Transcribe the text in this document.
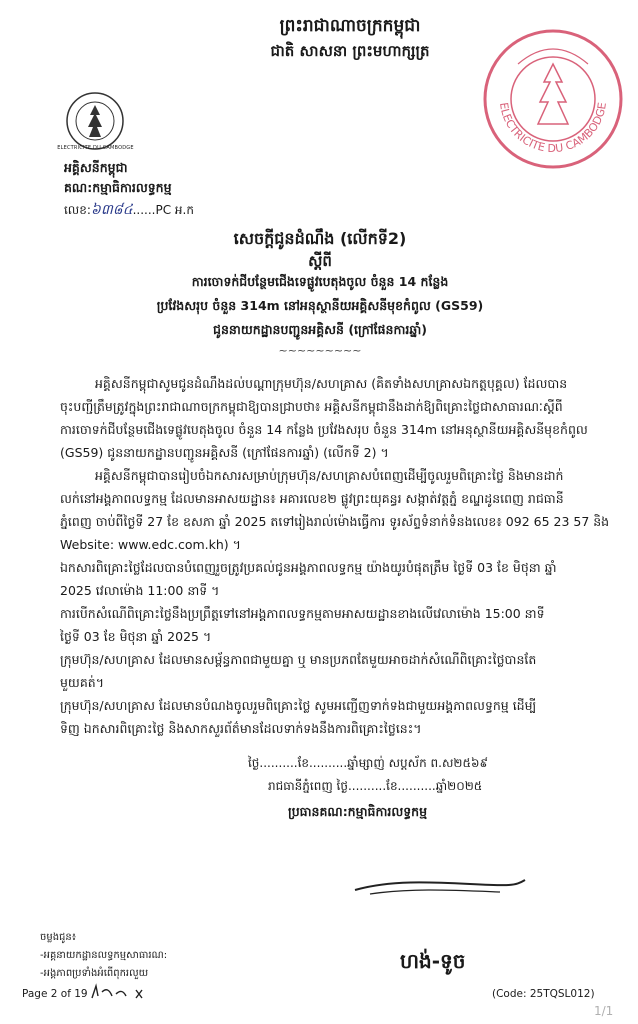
ELECTRICITE DU CAMBODGE
ព្រះរាជាណាចក្រកម្ពុជា
ជាតិ សាសនា ព្រះមហាក្សត្រ
ELECTRICITE DU CAMBODGE
អគ្គិសនីកម្ពុជា
គណ:កម្មាធិការលទ្ធកម្ម
លេខ:៦៣៨៤......PC អ.ក
សេចក្ដីជូនដំណឹង (លើកទី2)
ស្ដីពី
ការចោទក់ជីបន្ថែមជើងទេផ្លូវបេតុងចូល ចំនួន 14 កន្លែង
ប្រវែងសរុប ចំនួន 314m នៅអនុស្ថានីយអគ្គិសនីមុខកំពូល (GS59)
ជូននាយកដ្ឋានបញ្ជូនអគ្គិសនី (ក្រៅផែនការឆ្នាំ)
~~~~~~~~~
អគ្គិសនីកម្ពុជាសូមជូនដំណឹងដល់បណ្ដាក្រុមហ៊ុន/សហគ្រាស (គិតទាំងសហគ្រាសឯកត្តបុគ្គល) ដែលបាន
ចុះបញ្ជីត្រឹមត្រូវក្នុងព្រះរាជាណាចក្រកម្ពុជាឱ្យបានជ្រាបថា៖ អគ្គិសនីកម្ពុជានឹងដាក់ឱ្យពិគ្រោះថ្លៃជាសាធារណៈស្ដីពី
ការចោទក់ជីបន្ថែមជើងទេផ្លូវបេតុងចូល ចំនួន 14 កន្លែង ប្រវែងសរុប ចំនួន 314m នៅអនុស្ថានីយអគ្គិសនីមុខកំពូល
(GS59) ជូននាយកដ្ឋានបញ្ជូនអគ្គិសនី (ក្រៅផែនការឆ្នាំ) (លើកទី 2) ។
អគ្គិសនីកម្ពុជាបានរៀបចំឯកសារសម្រាប់ក្រុមហ៊ុន/សហគ្រាសបំពេញដើម្បីចូលរួមពិគ្រោះថ្លៃ និងមានដាក់
លក់នៅអង្គភាពលទ្ធកម្ម ដែលមានអាសយដ្ឋាន៖ អគារលេខ២ ផ្លូវព្រះយុគន្ធរ សង្កាត់វត្តភ្នំ ខណ្ឌដូនពេញ រាជធានី
ភ្នំពេញ ចាប់ពីថ្ងៃទី 27 ខែ ឧសភា ឆ្នាំ 2025 តទៅរៀងរាល់ម៉ោងធ្វើការ ទូរស័ព្ទទំនាក់ទំនងលេខ៖ 092 65 23 57 និង
Website: www.edc.com.kh) ។
ឯកសារពិគ្រោះថ្លៃដែលបានបំពេញរួចត្រូវប្រគល់ជូនអង្គភាពលទ្ធកម្ម យ៉ាងយូរបំផុតត្រឹម ថ្ងៃទី 03 ខែ មិថុនា ឆ្នាំ
2025 វេលាម៉ោង 11:00 នាទី ។
ការបើកសំណើពិគ្រោះថ្លៃនឹងប្រព្រឹត្តទៅនៅអង្គភាពលទ្ធកម្មតាមអាសយដ្ឋានខាងលើវេលាម៉ោង 15:00 នាទី
ថ្ងៃទី 03 ខែ មិថុនា ឆ្នាំ 2025 ។
ក្រុមហ៊ុន/សហគ្រាស ដែលមានសម្ព័ន្ធភាពជាមួយគ្នា ឬ មានប្រភពតែមួយអាចដាក់សំណើពិគ្រោះថ្លៃបានតែ
មួយគត់។
ក្រុមហ៊ុន/សហគ្រាស ដែលមានបំណងចូលរួមពិគ្រោះថ្លៃ សូមអញ្ជើញទាក់ទងជាមួយអង្គភាពលទ្ធកម្ម ដើម្បី
ទិញ ឯកសារពិគ្រោះថ្លៃ និងសាកសួរព័ត៌មានដែលទាក់ទងនឹងការពិគ្រោះថ្លៃនេះ។
ថ្ងៃ..........ខែ..........ឆ្នាំម្សាញ់ សប្តស័ក ព.ស២៥៦៩
រាជធានីភ្នំពេញ ថ្ងៃ..........ខែ..........ឆ្នាំ២០២៥
ប្រធានគណ:កម្មាធិការលទ្ធកម្ម
ហង់-ទូច
ចម្លងជូន៖
-អគ្គនាយកដ្ឋានលទ្ធកម្មសាធារណ:
-អង្គភាពប្រទាំងអំពើពុករលួយ
Page 2 of 19	(Code: 25TQSL012)
1/1
